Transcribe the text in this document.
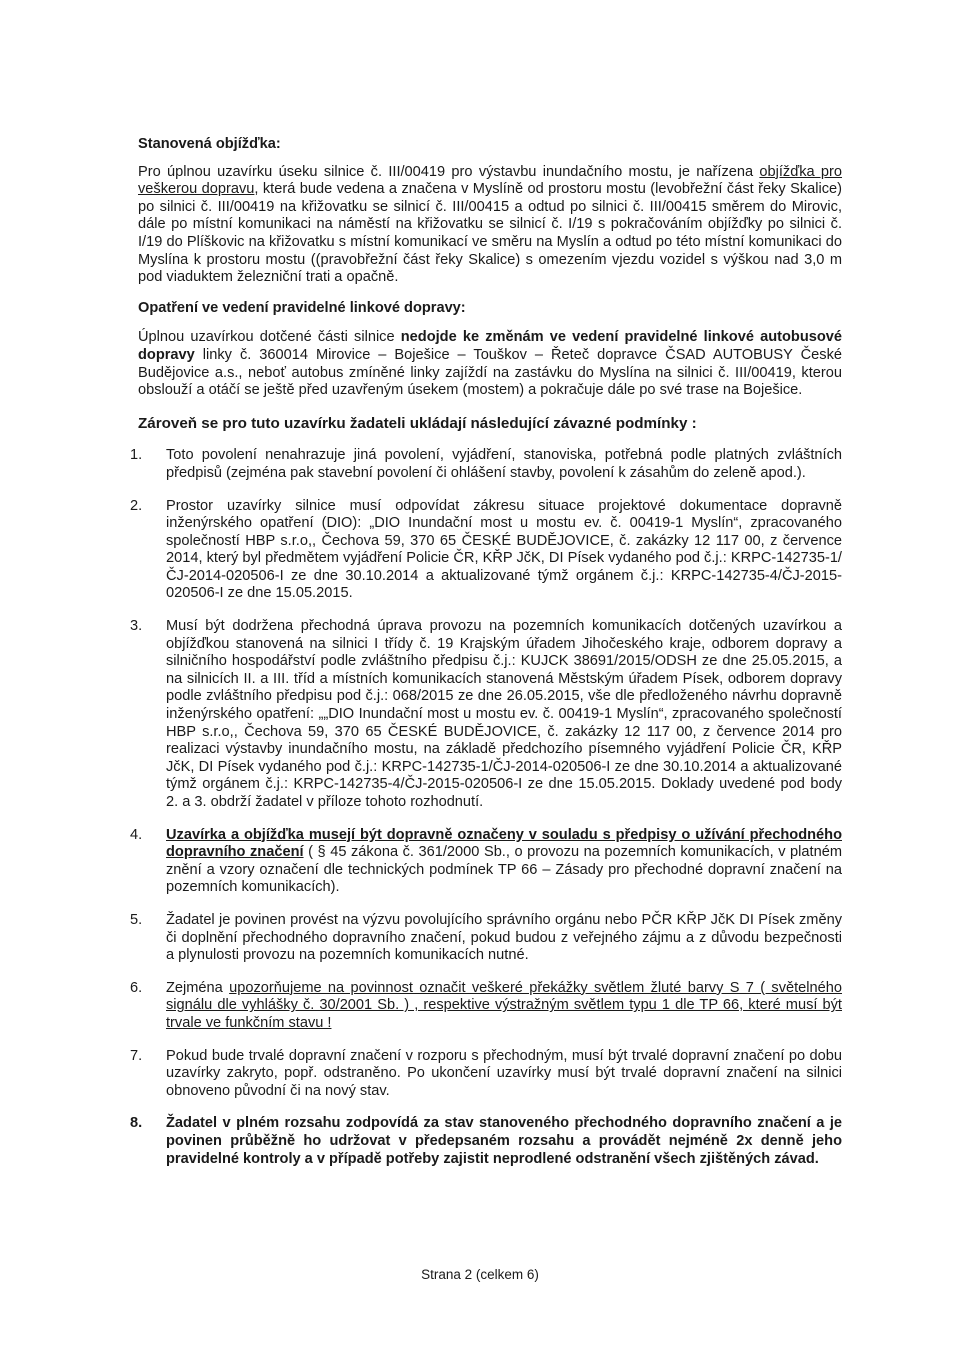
Stanovená objížďka:

Pro úplnou uzavírku úseku silnice č. III/00419 pro výstavbu inundačního mostu, je nařízena objížďka pro veškerou dopravu, která bude vedena a značena v Myslíně od prostoru mostu (levobřežní část řeky Skalice) po silnici č. III/00419 na křižovatku se silnicí č. III/00415 a odtud po silnici č. III/00415 směrem do Mirovic, dále po místní komunikaci na náměstí na křižovatku se silnicí č. I/19 s pokračováním objížďky po silnici č. I/19 do Plíškovic na křižovatku s místní komunikací ve směru na Myslín a odtud po této místní komunikaci do Myslína k prostoru mostu ((pravobřežní část řeky Skalice) s omezením vjezdu vozidel s výškou nad 3,0 m pod viaduktem železniční trati a opačně.

Opatření ve vedení pravidelné linkové dopravy:

Úplnou uzavírkou dotčené části silnice nedojde ke změnám ve vedení pravidelné linkové autobusové dopravy linky č. 360014 Mirovice – Boješice – Touškov – Řeteč dopravce ČSAD AUTOBUSY České Budějovice a.s., neboť autobus zmíněné linky zajíždí na zastávku do Myslína na silnici č. III/00419, kterou obslouží a otáčí se ještě před uzavřeným úsekem (mostem) a pokračuje dále po své trase na Boješice.

Zároveň se pro tuto uzavírku žadateli ukládají následující závazné podmínky :

1. Toto povolení nenahrazuje jiná povolení, vyjádření, stanoviska, potřebná podle platných zvláštních předpisů (zejména pak stavební povolení či ohlášení stavby, povolení k zásahům do zeleně apod.).
2. Prostor uzavírky silnice musí odpovídat zákresu situace projektové dokumentace dopravně inženýrského opatření (DIO): „DIO Inundační most u mostu ev. č. 00419-1 Myslín“, zpracovaného společností HBP s.r.o,, Čechova 59, 370 65 ČESKÉ BUDĚJOVICE, č. zakázky 12 117 00, z července 2014, který byl předmětem vyjádření Policie ČR, KŘP JčK, DI Písek vydaného pod č.j.: KRPC-142735-1/ČJ-2014-020506-I ze dne 30.10.2014 a aktualizované týmž orgánem č.j.: KRPC-142735-4/ČJ-2015-020506-I ze dne 15.05.2015.
3. Musí být dodržena přechodná úprava provozu na pozemních komunikacích dotčených uzavírkou a objížďkou stanovená na silnici I třídy č. 19 Krajským úřadem Jihočeského kraje, odborem dopravy a silničního hospodářství podle zvláštního předpisu č.j.: KUJCK 38691/2015/ODSH ze dne 25.05.2015, a na silnicích II. a III. tříd a místních komunikacích stanovená Městským úřadem Písek, odborem dopravy podle zvláštního předpisu pod č.j.: 068/2015 ze dne 26.05.2015, vše dle předloženého návrhu dopravně inženýrského opatření: „„DIO Inundační most u mostu ev. č. 00419-1 Myslín“, zpracovaného společností HBP s.r.o,, Čechova 59, 370 65 ČESKÉ BUDĚJOVICE, č. zakázky 12 117 00, z července 2014 pro realizaci výstavby inundačního mostu, na základě předchozího písemného vyjádření Policie ČR, KŘP JčK, DI Písek vydaného pod č.j.: KRPC-142735-1/ČJ-2014-020506-I ze dne 30.10.2014 a aktualizované týmž orgánem č.j.: KRPC-142735-4/ČJ-2015-020506-I ze dne 15.05.2015. Doklady uvedené pod body 2. a 3. obdrží žadatel v příloze tohoto rozhodnutí.
4. Uzavírka a objížďka musejí být dopravně označeny v souladu s předpisy o užívání přechodného dopravního značení ( § 45 zákona č. 361/2000 Sb., o provozu na pozemních komunikacích, v platném znění a vzory označení dle technických podmínek TP 66 – Zásady pro přechodné dopravní značení na pozemních komunikacích).
5. Žadatel je povinen provést na výzvu povolujícího správního orgánu nebo PČR KŘP JčK DI Písek změny či doplnění přechodného dopravního značení, pokud budou z veřejného zájmu a z důvodu bezpečnosti a plynulosti provozu na pozemních komunikacích nutné.
6. Zejména upozorňujeme na povinnost označit veškeré překážky světlem žluté barvy S 7 ( světelného signálu dle vyhlášky č. 30/2001 Sb. ) , respektive výstražným světlem typu 1 dle TP 66, které musí být trvale ve funkčním stavu !
7. Pokud bude trvalé dopravní značení v rozporu s přechodným, musí být trvalé dopravní značení po dobu uzavírky zakryto, popř. odstraněno. Po ukončení uzavírky musí být trvalé dopravní značení na silnici obnoveno původní či na nový stav.
8. Žadatel v plném rozsahu zodpovídá za stav stanoveného přechodného dopravního značení a je povinen průběžně ho udržovat v předepsaném rozsahu a provádět nejméně 2x denně jeho pravidelné kontroly a v případě potřeby zajistit neprodlené odstranění všech zjištěných závad.
Strana 2 (celkem 6)
